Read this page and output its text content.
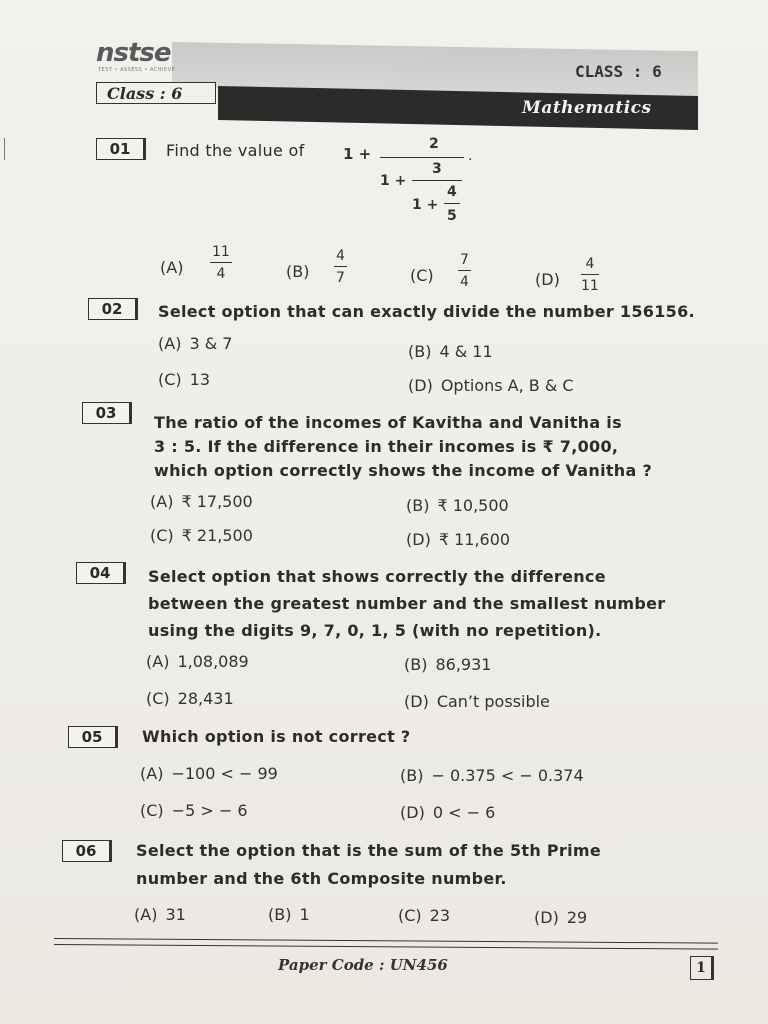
nstse
TEST • ASSESS • ACHIEVE	CLASS : 6
Class : 6
Mathematics
01	Find the value of	1 +
2
.
1 +
3
1 +
4
5
$(A) \frac{11}{4}$	$(B) \frac{4}{7}$	$(C) \frac{7}{4}$	$(D) \frac{4}{11}$
02	Select option that can exactly divide the number 156156.
(A) 3 & 7	(B) 4 & 11
(C) 13	(D) Options A, B & C
03	The ratio of the incomes of Kavitha and Vanitha is
3 : 5. If the difference in their incomes is ₹ 7,000,
which option correctly shows the income of Vanitha ?
(A) ₹ 17,500	(B) ₹ 10,500
(C) ₹ 21,500	(D) ₹ 11,600
04	Select option that shows correctly the difference
between the greatest number and the smallest number
using the digits 9, 7, 0, 1, 5 (with no repetition).
(A) 1,08,089	(B) 86,931
(C) 28,431	(D) Can’t possible
05	Which option is not correct ?
(A) −100 < − 99	(B) − 0.375 < − 0.374
(C) −5 > − 6	(D) 0 < − 6
06	Select the option that is the sum of the 5th Prime
number and the 6th Composite number.
(A) 31	(B) 1	(C) 23	(D) 29
Paper Code : UN456	1
